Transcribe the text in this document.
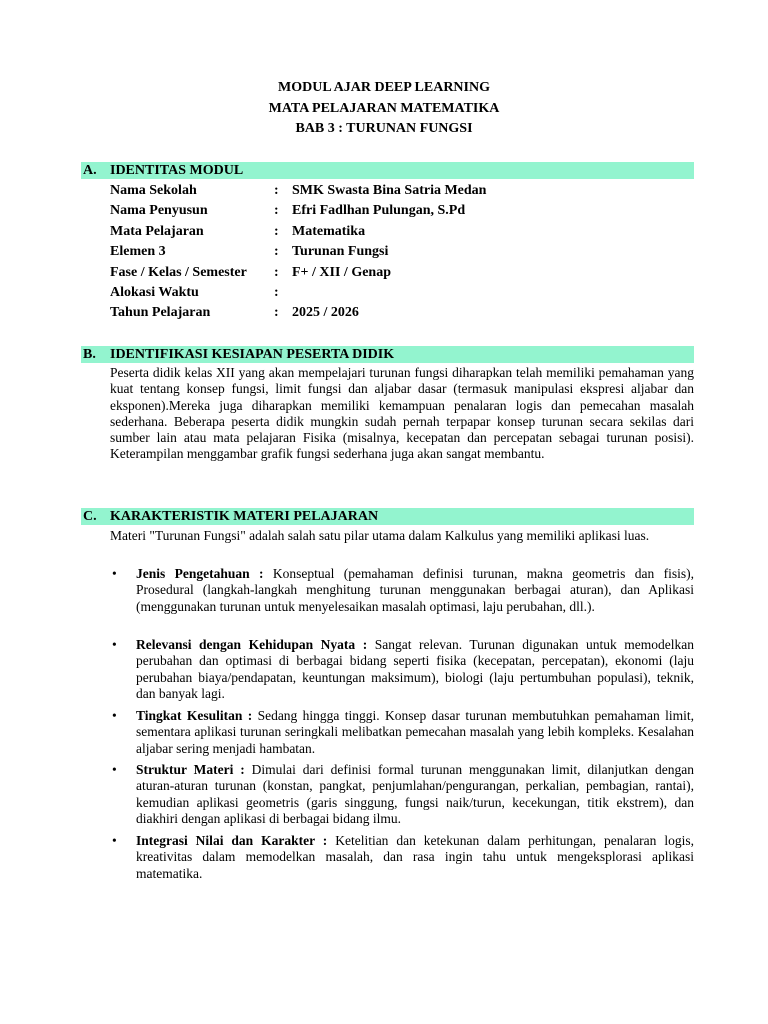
MODUL AJAR DEEP LEARNING
MATA PELAJARAN MATEMATIKA
BAB 3 : TURUNAN FUNGSI
A. IDENTITAS MODUL
Nama Sekolah	: SMK Swasta Bina Satria Medan
Nama Penyusun	: Efri Fadlhan Pulungan, S.Pd
Mata Pelajaran	: Matematika
Elemen 3	: Turunan Fungsi
Fase / Kelas / Semester	: F+ / XII / Genap
Alokasi Waktu	:
Tahun Pelajaran	: 2025 / 2026
B. IDENTIFIKASI KESIAPAN PESERTA DIDIK
Peserta didik kelas XII yang akan mempelajari turunan fungsi diharapkan telah memiliki pemahaman yang kuat tentang konsep fungsi, limit fungsi dan aljabar dasar (termasuk manipulasi ekspresi aljabar dan eksponen).Mereka juga diharapkan memiliki kemampuan penalaran logis dan pemecahan masalah sederhana. Beberapa peserta didik mungkin sudah pernah terpapar konsep turunan secara sekilas dari sumber lain atau mata pelajaran Fisika (misalnya, kecepatan dan percepatan sebagai turunan posisi). Keterampilan menggambar grafik fungsi sederhana juga akan sangat membantu.
C. KARAKTERISTIK MATERI PELAJARAN
Materi "Turunan Fungsi" adalah salah satu pilar utama dalam Kalkulus yang memiliki aplikasi luas.
• Jenis Pengetahuan : Konseptual (pemahaman definisi turunan, makna geometris dan fisis), Prosedural (langkah-langkah menghitung turunan menggunakan berbagai aturan), dan Aplikasi (menggunakan turunan untuk menyelesaikan masalah optimasi, laju perubahan, dll.).
• Relevansi dengan Kehidupan Nyata : Sangat relevan. Turunan digunakan untuk memodelkan perubahan dan optimasi di berbagai bidang seperti fisika (kecepatan, percepatan), ekonomi (laju perubahan biaya/pendapatan, keuntungan maksimum), biologi (laju pertumbuhan populasi), teknik, dan banyak lagi.
• Tingkat Kesulitan : Sedang hingga tinggi. Konsep dasar turunan membutuhkan pemahaman limit, sementara aplikasi turunan seringkali melibatkan pemecahan masalah yang lebih kompleks. Kesalahan aljabar sering menjadi hambatan.
• Struktur Materi : Dimulai dari definisi formal turunan menggunakan limit, dilanjutkan dengan aturan-aturan turunan (konstan, pangkat, penjumlahan/pengurangan, perkalian, pembagian, rantai), kemudian aplikasi geometris (garis singgung, fungsi naik/turun, kecekungan, titik ekstrem), dan diakhiri dengan aplikasi di berbagai bidang ilmu.
• Integrasi Nilai dan Karakter : Ketelitian dan ketekunan dalam perhitungan, penalaran logis, kreativitas dalam memodelkan masalah, dan rasa ingin tahu untuk mengeksplorasi aplikasi matematika.
